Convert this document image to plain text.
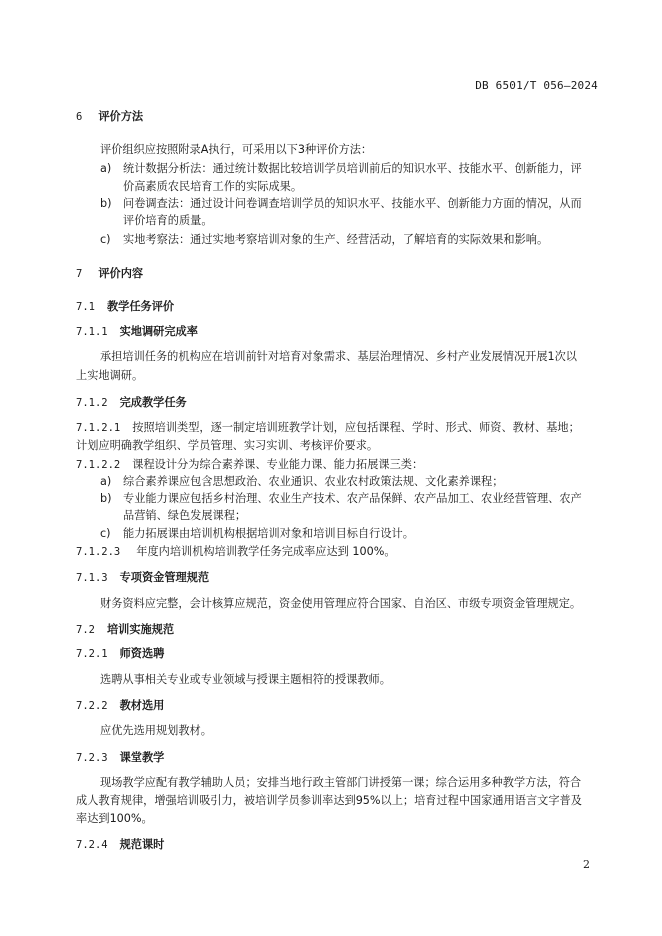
DB 6501/T 056—2024
6 评价方法
评价组织应按照附录A执行，可采用以下3种评价方法：
a) 统计数据分析法：通过统计数据比较培训学员培训前后的知识水平、技能水平、创新能力，评
价高素质农民培育工作的实际成果。
b) 问卷调查法：通过设计问卷调查培训学员的知识水平、技能水平、创新能力方面的情况，从而
评价培育的质量。
c) 实地考察法：通过实地考察培训对象的生产、经营活动，了解培育的实际效果和影响。
7 评价内容
7.1 教学任务评价
7.1.1 实地调研完成率
承担培训任务的机构应在培训前针对培育对象需求、基层治理情况、乡村产业发展情况开展1次以
上实地调研。
7.1.2 完成教学任务
7.1.2.1 按照培训类型，逐一制定培训班教学计划，应包括课程、学时、形式、师资、教材、基地；
计划应明确教学组织、学员管理、实习实训、考核评价要求。
7.1.2.2 课程设计分为综合素养课、专业能力课、能力拓展课三类：
a) 综合素养课应包含思想政治、农业通识、农业农村政策法规、文化素养课程；
b) 专业能力课应包括乡村治理、农业生产技术、农产品保鲜、农产品加工、农业经营管理、农产
品营销、绿色发展课程；
c) 能力拓展课由培训机构根据培训对象和培训目标自行设计。
7.1.2.3 年度内培训机构培训教学任务完成率应达到 100%。
7.1.3 专项资金管理规范
财务资料应完整，会计核算应规范，资金使用管理应符合国家、自治区、市级专项资金管理规定。
7.2 培训实施规范
7.2.1 师资选聘
选聘从事相关专业或专业领域与授课主题相符的授课教师。
7.2.2 教材选用
应优先选用规划教材。
7.2.3 课堂教学
现场教学应配有教学辅助人员；安排当地行政主管部门讲授第一课；综合运用多种教学方法，符合
成人教育规律，增强培训吸引力，被培训学员参训率达到95%以上；培育过程中国家通用语言文字普及
率达到100%。
7.2.4 规范课时
2
